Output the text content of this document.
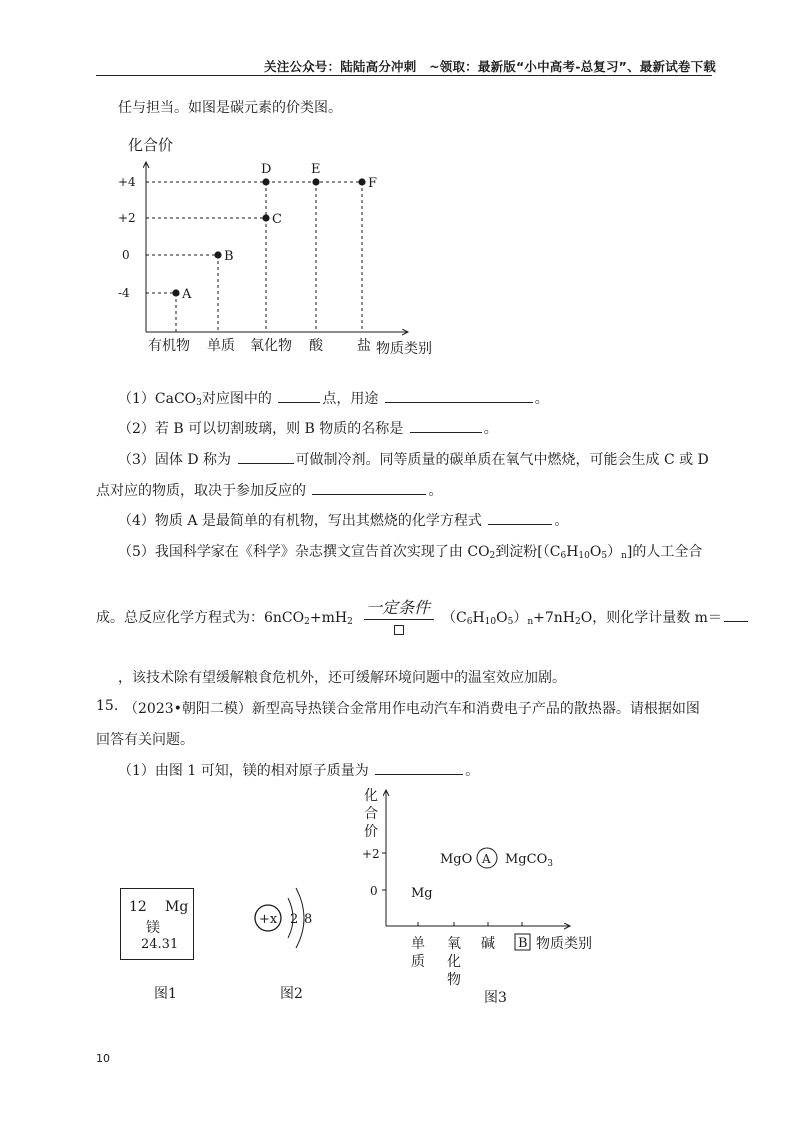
关注公众号：陆陆高分冲刺　~领取：最新版“小中高考-总复习”、最新试卷下载
任与担当。如图是碳元素的价类图。
化合价
+4
+2
0
-4	A
B
C
D	E
F
有机物 单质 氧化物 酸 盐 物质类别
（1）CaCO$_3$对应图中的	点，用途	。
（2）若 B 可以切割玻璃，则 B 物质的名称是	。
（3）固体 D 称为	可做制冷剂。同等质量的碳单质在氧气中燃烧，可能会生成 C 或 D
点对应的物质，取决于参加反应的	。
（4）物质 A 是最简单的有机物，写出其燃烧的化学方程式	。
（5）我国科学家在《科学》杂志撰文宣告首次实现了由 $CO_2$到淀粉$[(C_6H_{10}O_5)_n]$的人工全合
成。总反应化学方程式为：$6nCO_2+mH_2$
一定条件
$(C_6H_{10}O_5)_n+7nH_2O$，则化学计量数 m＝
，该技术除有望缓解粮食危机外，还可缓解环境问题中的温室效应加剧。
15. （2023•朝阳二模）新型高导热镁合金常用作电动汽车和消费电子产品的散热器。请根据如图
回答有关问题。
（1）由图 1 可知，镁的相对原子质量为	。
12 Mg
镁
24.31
图1
+x 2 8
图2
化
合
价
+2
0
单
质
氧
化
物
碱 B 物质类别
MgO A MgCO$_3$
Mg
图3
10
